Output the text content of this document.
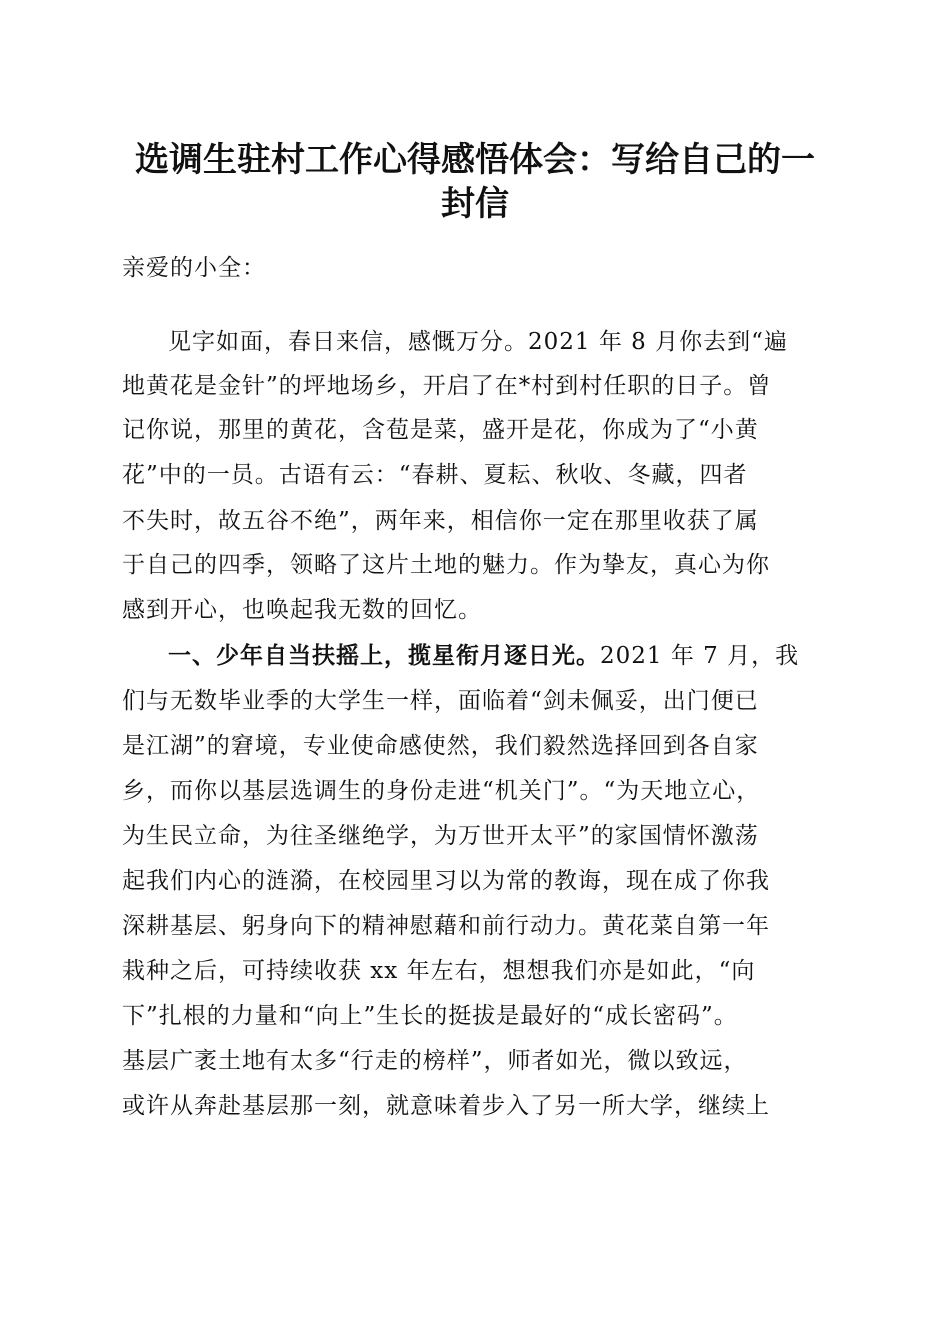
选调生驻村工作心得感悟体会：写给自己的一
封信
亲爱的小全：
见字如面，春日来信，感慨万分。2021 年 8 月你去到“遍
地黄花是金针”的坪地场乡，开启了在*村到村任职的日子。曾
记你说，那里的黄花，含苞是菜，盛开是花，你成为了“小黄
花”中的一员。古语有云：“春耕、夏耘、秋收、冬藏，四者
不失时，故五谷不绝”，两年来，相信你一定在那里收获了属
于自己的四季，领略了这片土地的魅力。作为挚友，真心为你
感到开心，也唤起我无数的回忆。
一、少年自当扶摇上，揽星衔月逐日光。2021 年 7 月，我
们与无数毕业季的大学生一样，面临着“剑未佩妥，出门便已
是江湖”的窘境，专业使命感使然，我们毅然选择回到各自家
乡，而你以基层选调生的身份走进“机关门”。“为天地立心，
为生民立命，为往圣继绝学，为万世开太平”的家国情怀激荡
起我们内心的涟漪，在校园里习以为常的教诲，现在成了你我
深耕基层、躬身向下的精神慰藉和前行动力。黄花菜自第一年
栽种之后，可持续收获 xx 年左右，想想我们亦是如此，“向
下”扎根的力量和“向上”生长的挺拔是最好的“成长密码”。
基层广袤土地有太多“行走的榜样”，师者如光，微以致远，
或许从奔赴基层那一刻，就意味着步入了另一所大学，继续上
